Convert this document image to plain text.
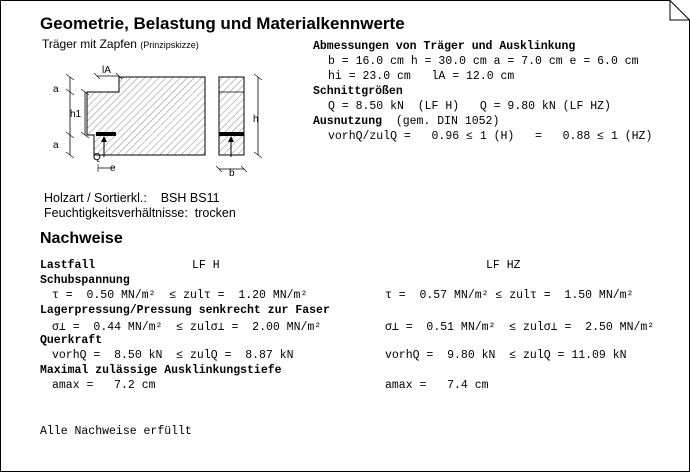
Geometrie, Belastung und Materialkennwerte
Träger mit Zapfen (Prinzipskizze)
a
h1
a
lA
Q
e
h
b
Abmessungen von Träger und Ausklinkung
b = 16.0 cm h = 30.0 cm a = 7.0 cm e = 6.0 cm
hi = 23.0 cm   lA = 12.0 cm
Schnittgrößen
Q = 8.50 kN  (LF H)   Q = 9.80 kN (LF HZ)
Ausnutzung (gem. DIN 1052)
vorhQ/zulQ =   0.96 ≤ 1 (H)   =   0.88 ≤ 1 (HZ)
Holzart / Sortierkl.: BSH BS11
Feuchtigkeitsverhältnisse: trocken
Nachweise
Lastfall	LF H	LF HZ
Schubspannung
τ =  0.50 MN/m²  ≤ zulτ =  1.20 MN/m²	τ =  0.57 MN/m² ≤ zulτ =  1.50 MN/m²
Lagerpressung/Pressung senkrecht zur Faser
σ⊥ =  0.44 MN/m²  ≤ zulσ⊥ =  2.00 MN/m²	σ⊥ =  0.51 MN/m²  ≤ zulσ⊥ =  2.50 MN/m²
Querkraft
vorhQ =  8.50 kN  ≤ zulQ =  8.87 kN	vorhQ =  9.80 kN  ≤ zulQ = 11.09 kN
Maximal zulässige Ausklinkungstiefe
amax =   7.2 cm	amax =   7.4 cm
Alle Nachweise erfüllt
